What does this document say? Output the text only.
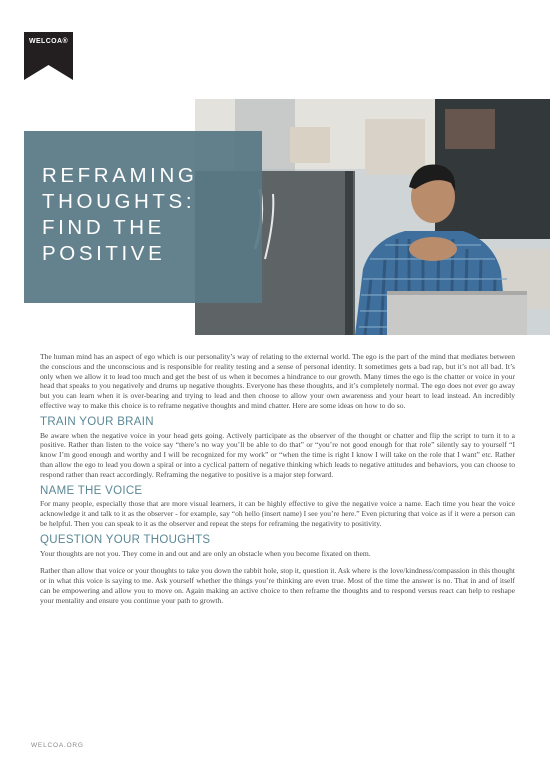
WELCOA®
REFRAMING
THOUGHTS:
FIND THE
POSITIVE

The human mind has an aspect of ego which is our personality’s way of relating to the external world. The ego is the part of the mind that mediates between the conscious and the unconscious and is responsible for reality testing and a sense of personal identity. It sometimes gets a bad rap, but it’s not all bad. It’s only when we allow it to lead too much and get the best of us when it becomes a hindrance to our growth. Many times the ego is the chatter or voice in your head that speaks to you negatively and drums up negative thoughts. Everyone has these thoughts, and it’s completely normal. The ego does not ever go away but you can learn when it is over-bearing and trying to lead and then choose to allow your own awareness and your heart to lead instead. An incredibly effective way to make this choice is to reframe negative thoughts and mind chatter. Here are some ideas on how to do so.

TRAIN YOUR BRAIN

Be aware when the negative voice in your head gets going. Actively participate as the observer of the thought or chatter and flip the script to turn it to a positive. Rather than listen to the voice say “there’s no way you’ll be able to do that” or “you’re not good enough for that role” silently say to yourself “I know I’m good enough and worthy and I will be recognized for my work” or “when the time is right I know I will take on the role that I want” etc. Rather than allow the ego to lead you down a spiral or into a cyclical pattern of negative thinking which leads to negative attitudes and behaviors, you can choose to respond rather than react accordingly. Reframing the negative to positive is a major step forward.

NAME THE VOICE

For many people, especially those that are more visual learners, it can be highly effective to give the negative voice a name. Each time you hear the voice acknowledge it and talk to it as the observer - for example, say “oh hello (insert name) I see you’re here.” Even picturing that voice as if it were a person can be helpful. Then you can speak to it as the observer and repeat the steps for reframing the negativity to positivity.

QUESTION YOUR THOUGHTS

Your thoughts are not you. They come in and out and are only an obstacle when you become fixated on them.

Rather than allow that voice or your thoughts to take you down the rabbit hole, stop it, question it. Ask where is the love/kindness/compassion in this thought or in what this voice is saying to me. Ask yourself whether the things you’re thinking are even true. Most of the time the answer is no. That in and of itself can be empowering and allow you to move on. Again making an active choice to then reframe the thoughts and to respond versus react can help to reshape your mentality and ensure you continue your path to growth.

WELCOA.ORG
